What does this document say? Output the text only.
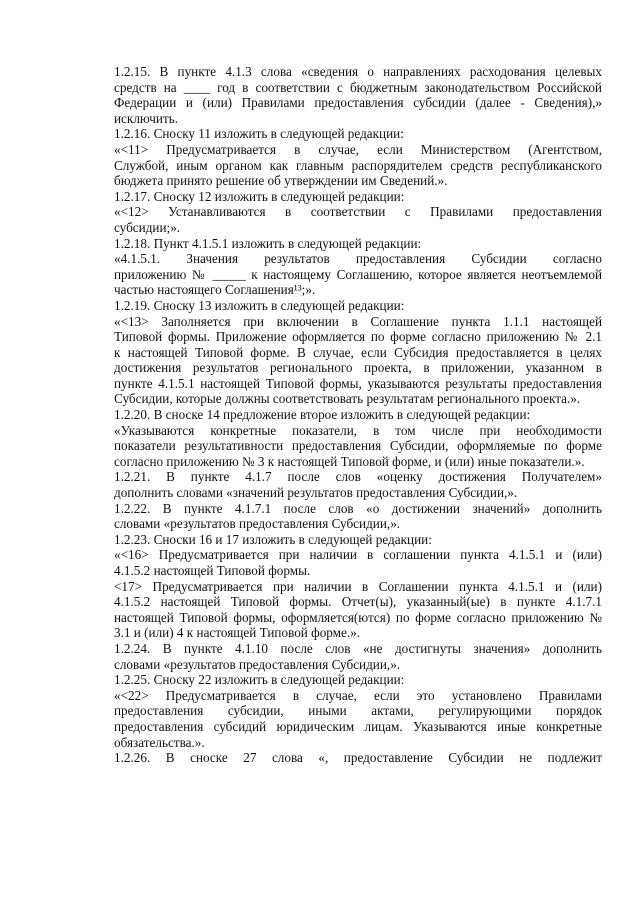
1.2.15. В пункте 4.1.3 слова «сведения о направлениях расходования целевых
средств на ____ год в соответствии с бюджетным законодательством Российской
Федерации и (или) Правилами предоставления субсидии (далее - Сведения),»
исключить.
1.2.16. Сноску 11 изложить в следующей редакции:
«<11> Предусматривается в случае, если Министерством (Агентством,
Службой, иным органом как главным распорядителем средств республиканского
бюджета принято решение об утверждении им Сведений.».
1.2.17. Сноску 12 изложить в следующей редакции:
«<12> Устанавливаются в соответствии с Правилами предоставления
субсидии;».
1.2.18. Пункт 4.1.5.1 изложить в следующей редакции:
«4.1.5.1. Значения результатов предоставления Субсидии согласно
приложению № _____ к настоящему Соглашению, которое является неотъемлемой
частью настоящего Соглашения¹³;».
1.2.19. Сноску 13 изложить в следующей редакции:
«<13> Заполняется при включении в Соглашение пункта 1.1.1 настоящей
Типовой формы. Приложение оформляется по форме согласно приложению № 2.1
к настоящей Типовой форме. В случае, если Субсидия предоставляется в целях
достижения результатов регионального проекта, в приложении, указанном в
пункте 4.1.5.1 настоящей Типовой формы, указываются результаты предоставления
Субсидии, которые должны соответствовать результатам регионального проекта.».
1.2.20. В сноске 14 предложение второе изложить в следующей редакции:
«Указываются конкретные показатели, в том числе при необходимости
показатели результативности предоставления Субсидии, оформляемые по форме
согласно приложению № 3 к настоящей Типовой форме, и (или) иные показатели.».
1.2.21. В пункте 4.1.7 после слов «оценку достижения Получателем»
дополнить словами «значений результатов предоставления Субсидии,».
1.2.22. В пункте 4.1.7.1 после слов «о достижении значений» дополнить
словами «результатов предоставления Субсидии,».
1.2.23. Сноски 16 и 17 изложить в следующей редакции:
«<16> Предусматривается при наличии в соглашении пункта 4.1.5.1 и (или)
4.1.5.2 настоящей Типовой формы.
<17> Предусматривается при наличии в Соглашении пункта 4.1.5.1 и (или)
4.1.5.2 настоящей Типовой формы. Отчет(ы), указанный(ые) в пункте 4.1.7.1
настоящей Типовой формы, оформляется(ются) по форме согласно приложению №
3.1 и (или) 4 к настоящей Типовой форме.».
1.2.24. В пункте 4.1.10 после слов «не достигнуты значения» дополнить
словами «результатов предоставления Субсидии,».
1.2.25. Сноску 22 изложить в следующей редакции:
«<22> Предусматривается в случае, если это установлено Правилами
предоставления субсидии, иными актами, регулирующими порядок
предоставления субсидий юридическим лицам. Указываются иные конкретные
обязательства.».
1.2.26. В сноске 27 слова «, предоставление Субсидии не подлежит
